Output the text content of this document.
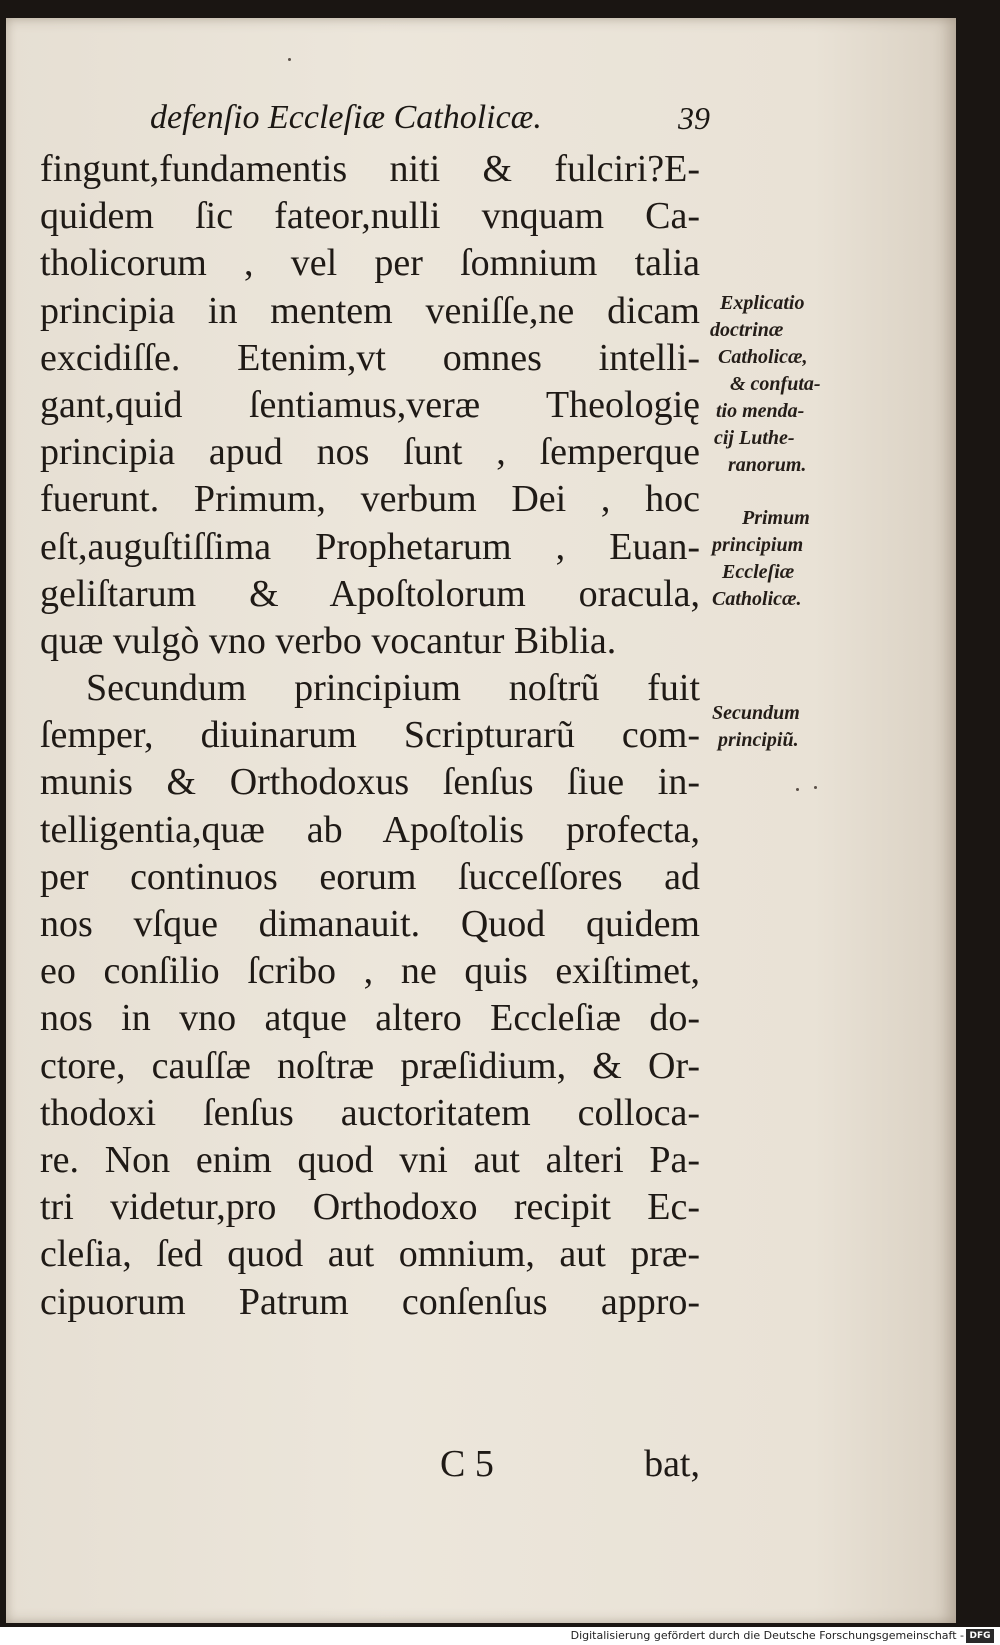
defenſio Eccleſiæ Catholicæ.	39
fingunt,fundamentis niti & fulciri?E-
quidem ſic fateor,nulli vnquam Ca-
tholicorum , vel per ſomnium talia
principia in mentem veniſſe,ne dicam
excidiſſe. Etenim,vt omnes intelli-
gant,quid ſentiamus,veræ Theologię
principia apud nos ſunt , ſemperque
fuerunt. Primum, verbum Dei , hoc
eſt,auguſtiſſima Prophetarum , Euan-
geliſtarum & Apoſtolorum oracula,
quæ vulgò vno verbo vocantur Biblia.
Secundum principium noſtrũ fuit
ſemper, diuinarum Scripturarũ com-
munis & Orthodoxus ſenſus ſiue in-
telligentia,quæ ab Apoſtolis profecta,
per continuos eorum ſucceſſores ad
nos vſque dimanauit. Quod quidem
eo conſilio ſcribo , ne quis exiſtimet,
nos in vno atque altero Eccleſiæ do-
ctore, cauſſæ noſtræ præſidium, & Or-
thodoxi ſenſus auctoritatem colloca-
re. Non enim quod vni aut alteri Pa-
tri videtur,pro Orthodoxo recipit Ec-
cleſia, ſed quod aut omnium, aut præ-
cipuorum Patrum conſenſus appro-
C 5	bat,
Explicatio
doctrinæ
Catholicæ,
& confuta-
tio menda-
cij Luthe-
ranorum.
Primum
principium
Eccleſiæ
Catholicæ.
Secundum
principiũ.
Digitalisierung gefördert durch die Deutsche Forschungsgemeinschaft - DFG
